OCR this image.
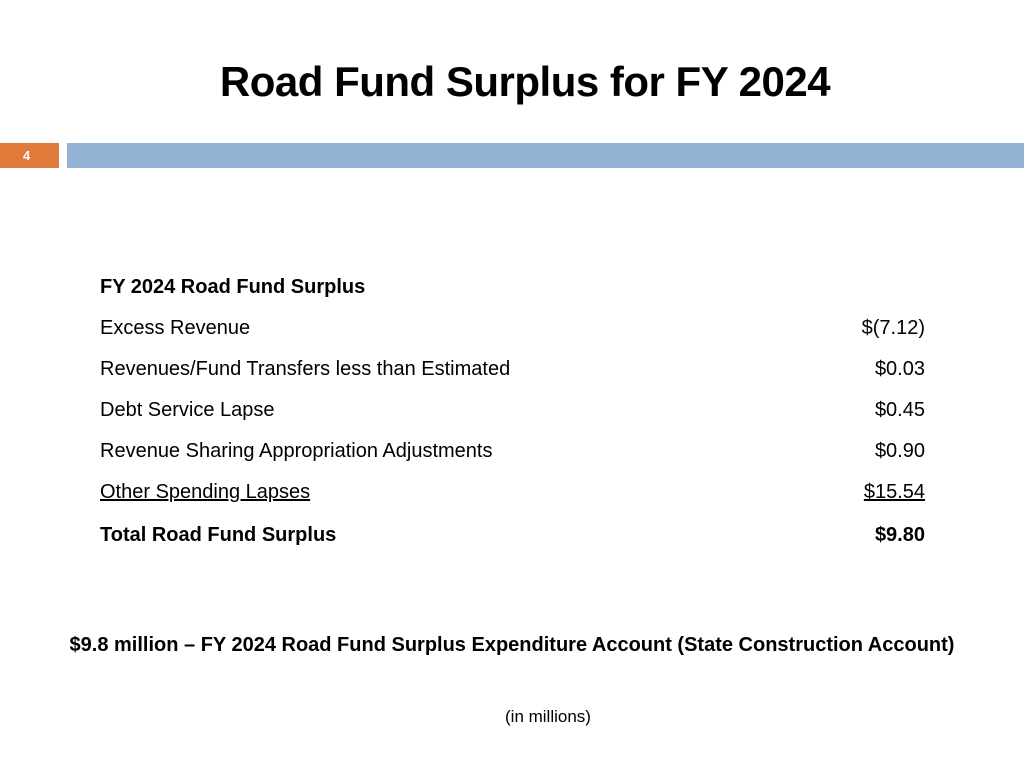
Road Fund Surplus for FY 2024
4
FY 2024 Road Fund Surplus
Excess Revenue	$(7.12)
Revenues/Fund Transfers less than Estimated	$0.03
Debt Service Lapse	$0.45
Revenue Sharing Appropriation Adjustments	$0.90
Other Spending Lapses	$15.54
Total Road Fund Surplus	$9.80
$9.8 million – FY 2024 Road Fund Surplus Expenditure Account (State Construction Account)
(in millions)
